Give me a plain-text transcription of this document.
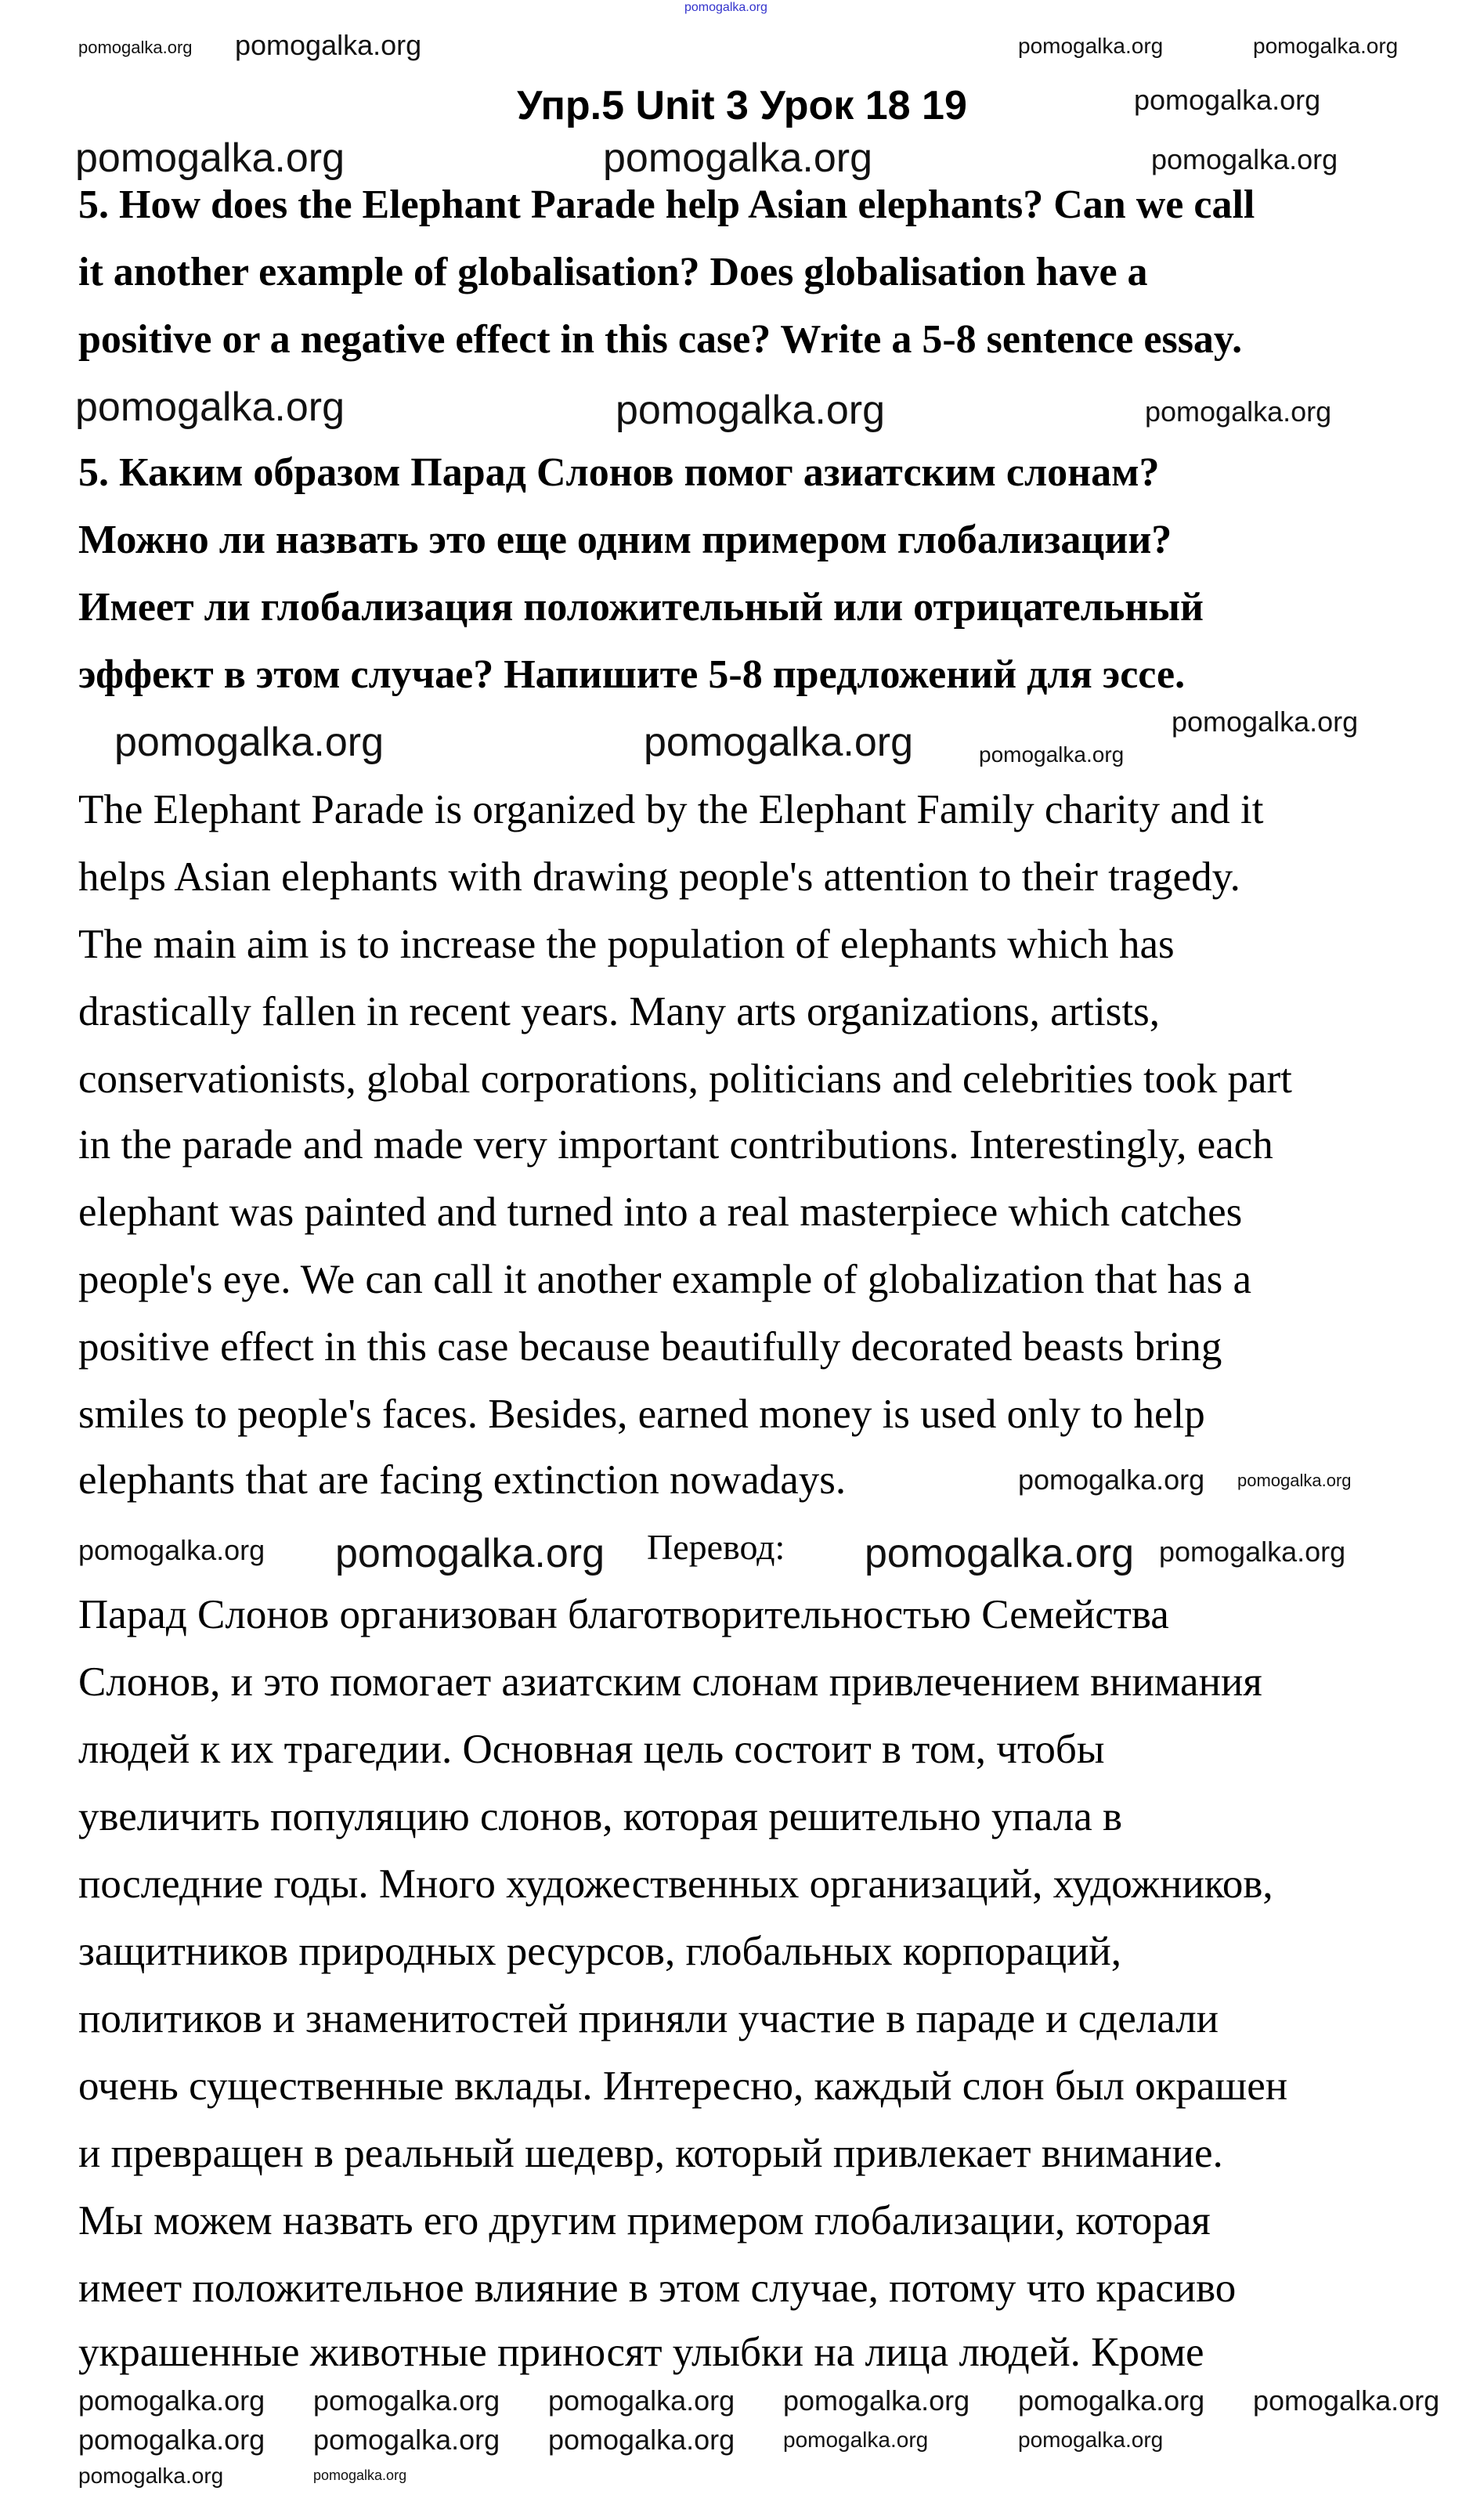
Упр.5 Unit 3 Урок 18 19
5. How does the Elephant Parade help Asian elephants? Can we call
it another example of globalisation? Does globalisation have a
positive or a negative effect in this case? Write a 5-8 sentence essay.
5. Каким образом Парад Слонов помог азиатским слонам?
Можно ли назвать это еще одним примером глобализации?
Имеет ли глобализация положительный или отрицательный
эффект в этом случае? Напишите 5-8 предложений для эссе.
The Elephant Parade is organized by the Elephant Family charity and it
helps Asian elephants with drawing people's attention to their tragedy.
The main aim is to increase the population of elephants which has
drastically fallen in recent years. Many arts organizations, artists,
conservationists, global corporations, politicians and celebrities took part
in the parade and made very important contributions. Interestingly, each
elephant was painted and turned into a real masterpiece which catches
people's eye. We can call it another example of globalization that has a
positive effect in this case because beautifully decorated beasts bring
smiles to people's faces. Besides, earned money is used only to help
elephants that are facing extinction nowadays.
Перевод:
Парад Слонов организован благотворительностью Семейства
Слонов, и это помогает азиатским слонам привлечением внимания
людей к их трагедии. Основная цель состоит в том, чтобы
увеличить популяцию слонов, которая решительно упала в
последние годы. Много художественных организаций, художников,
защитников природных ресурсов, глобальных корпораций,
политиков и знаменитостей приняли участие в параде и сделали
очень существенные вклады. Интересно, каждый слон был окрашен
и превращен в реальный шедевр, который привлекает внимание.
Мы можем назвать его другим примером глобализации, которая
имеет положительное влияние в этом случае, потому что красиво
украшенные животные приносят улыбки на лица людей. Кроме
pomogalka.org
pomogalka.org pomogalka.org	pomogalka.org	pomogalka.org
pomogalka.org
pomogalka.org	pomogalka.org	pomogalka.org
pomogalka.org	pomogalka.org	pomogalka.org
pomogalka.org
pomogalka.org	pomogalka.org	pomogalka.org
pomogalka.org pomogalka.org
pomogalka.org pomogalka.org	pomogalka.org pomogalka.org
pomogalka.org pomogalka.org pomogalka.org pomogalka.org pomogalka.org pomogalka.org
pomogalka.org pomogalka.org pomogalka.org pomogalka.org	pomogalka.org
pomogalka.org	pomogalka.org
